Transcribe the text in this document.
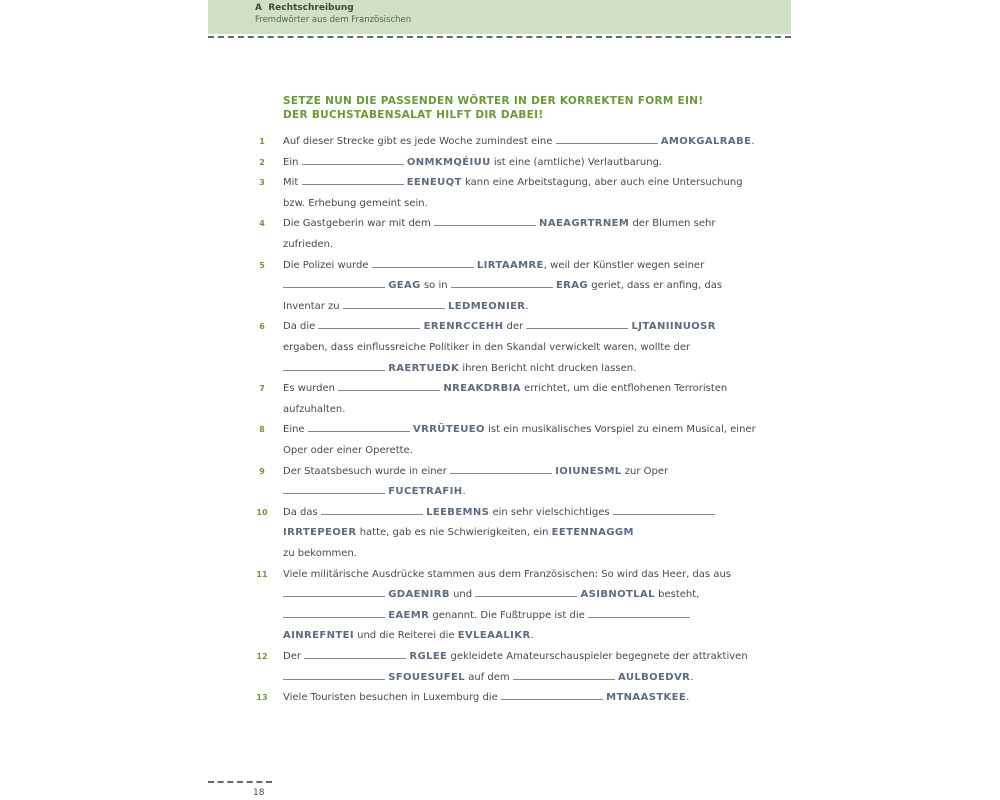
A  Rechtschreibung
Fremdwörter aus dem Französischen
SETZE NUN DIE PASSENDEN WÖRTER IN DER KORREKTEN FORM EIN!
DER BUCHSTABENSALAT HILFT DIR DABEI!
1	Auf dieser Strecke gibt es jede Woche zumindest eine	AMOKGALRABE.
2	Ein	ONMKMQÉIUU ist eine (amtliche) Verlautbarung.
3	Mit	EENEUQT kann eine Arbeitstagung, aber auch eine Untersuchung
bzw. Erhebung gemeint sein.
4	Die Gastgeberin war mit dem	NAEAGRTRNEM der Blumen sehr
zufrieden.
5	Die Polizei wurde	LIRTAAMRE, weil der Künstler wegen seiner
GEAG so in	ERAG geriet, dass er anfing, das
Inventar zu	LEDMEONIER.
6	Da die	ERENRCCEHH der	LJTANIINUOSR
ergaben, dass einflussreiche Politiker in den Skandal verwickelt waren, wollte der
RAERTUEDK ihren Bericht nicht drucken lassen.
7	Es wurden	NREAKDRBIA errichtet, um die entflohenen Terroristen
aufzuhalten.
8	Eine	VRRÜTEUEO ist ein musikalisches Vorspiel zu einem Musical, einer
Oper oder einer Operette.
9	Der Staatsbesuch wurde in einer	IOIUNESML zur Oper
FUCETRAFIH.
10	Da das	LEEBEMNS ein sehr vielschichtiges
IRRTEPEOER hatte, gab es nie Schwierigkeiten, ein EETENNAGGM
zu bekommen.
11	Viele militärische Ausdrücke stammen aus dem Französischen: So wird das Heer, das aus
GDAENIRB und	ASIBNOTLAL besteht,
EAEMR genannt. Die Fußtruppe ist die
AINREFNTEI und die Reiterei die EVLEAALIKR.
12	Der	RGLEE gekleidete Amateurschauspieler begegnete der attraktiven
SFOUESUFEL auf dem	AULBOEDVR.
13	Viele Touristen besuchen in Luxemburg die	MTNAASTKEE.
18
